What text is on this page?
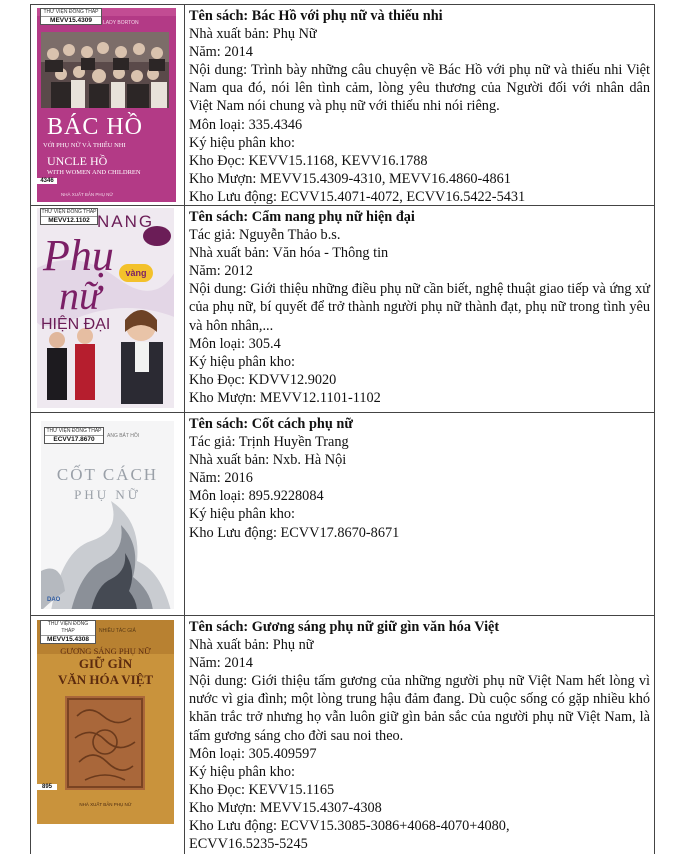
THƯ VIỆN ĐỒNG THÁP
MEVV15.4309	LADY BORTON
BÁC HỒ
VỚI PHỤ NỮ VÀ THIẾU NHI
UNCLE HỒ
WITH WOMEN AND CHILDREN
4346
NHÀ XUẤT BẢN PHỤ NỮ
Tên sách: Bác Hồ với phụ nữ và thiếu nhi
Nhà xuất bản: Phụ Nữ
Năm: 2014
Nội dung: Trình bày những câu chuyện về Bác Hồ với phụ nữ và thiếu nhi Việt Nam qua đó, nói lên tình cảm, lòng yêu thương của Người đối với nhân dân Việt Nam nói chung và phụ nữ với thiếu nhi nói riêng.
Môn loại: 335.4346
Ký hiệu phân kho:
Kho Đọc: KEVV15.1168, KEVV16.1788
Kho Mượn: MEVV15.4309-4310, MEVV16.4860-4861
Kho Lưu động: ECVV15.4071-4072, ECVV16.5422-5431
THƯ VIỆN ĐỒNG THÁP
MEVV12.1102 NANG
Phụ
nữ	vàng
HIỆN ĐẠI
Tên sách: Cẩm nang phụ nữ hiện đại
Tác giả: Nguyễn Thảo b.s.
Nhà xuất bản: Văn hóa - Thông tin
Năm: 2012
Nội dung: Giới thiệu những điều phụ nữ cần biết, nghệ thuật giao tiếp và ứng xử của phụ nữ, bí quyết để trở thành người phụ nữ thành đạt, phụ nữ trong tình yêu và hôn nhân,...
Môn loại: 305.4
Ký hiệu phân kho:
Kho Đọc: KDVV12.9020
Kho Mượn: MEVV12.1101-1102
THƯ VIỆN ĐỒNG THÁP
ECVV17.8670	ANG BẢT HỒI
CỐT CÁCH
PHỤ NỮ
DAO
Tên sách: Cốt cách phụ nữ
Tác giả: Trịnh Huyền Trang
Nhà xuất bản: Nxb. Hà Nội
Năm: 2016
Môn loại: 895.9228084
Ký hiệu phân kho:
Kho Lưu động: ECVV17.8670-8671
THƯ VIỆN ĐỒNG THÁP
MEVV15.4308
NHIỀU TÁC GIẢ
GƯƠNG SÁNG PHỤ NỮ
GIỮ GÌN
VĂN HÓA VIỆT
895
NHÀ XUẤT BẢN PHỤ NỮ
Tên sách: Gương sáng phụ nữ giữ gìn văn hóa Việt
Nhà xuất bản: Phụ nữ
Năm: 2014
Nội dung: Giới thiệu tấm gương của những người phụ nữ Việt Nam hết lòng vì nước vì gia đình; một lòng trung hậu đảm đang. Dù cuộc sống có gặp nhiều khó khăn trắc trở nhưng họ vẫn luôn giữ gìn bản sắc của người phụ nữ Việt Nam, là tấm gương sáng cho đời sau noi theo.
Môn loại: 305.409597
Ký hiệu phân kho:
Kho Đọc: KEVV15.1165
Kho Mượn: MEVV15.4307-4308
Kho Lưu động: ECVV15.3085-3086+4068-4070+4080,
ECVV16.5235-5245
